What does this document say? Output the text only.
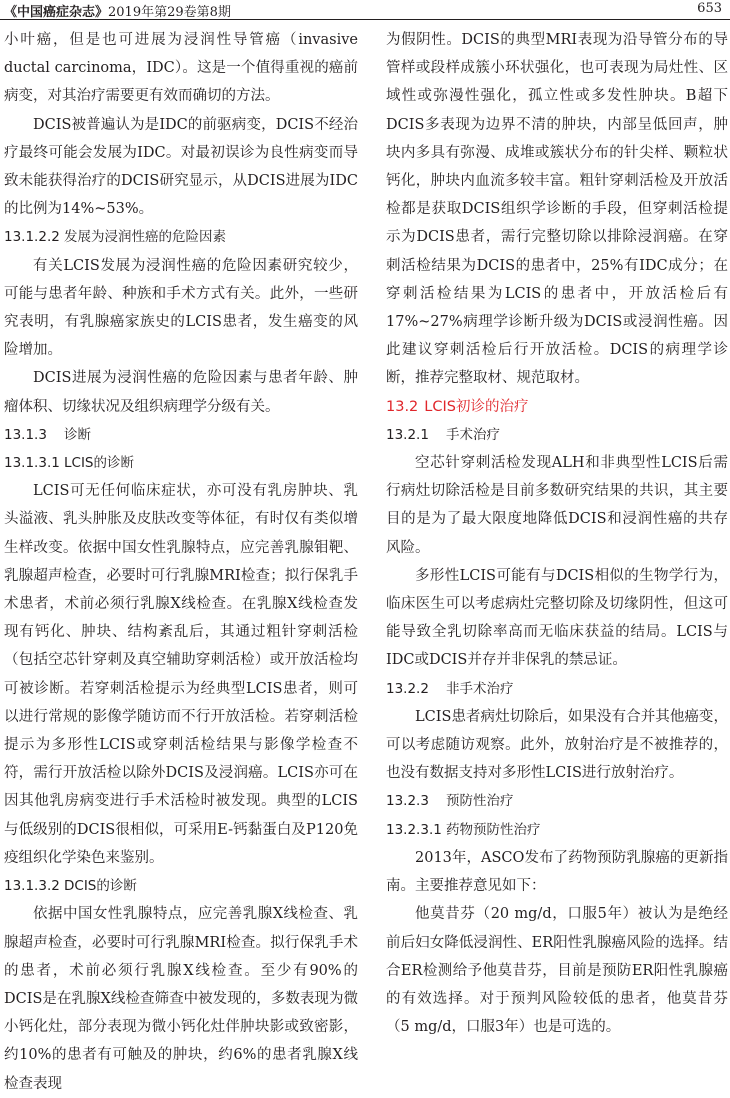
《中国癌症杂志》2019年第29卷第8期	653

小叶癌，但是也可进展为浸润性导管癌（invasive ductal carcinoma，IDC）。这是一个值得重视的癌前病变，对其治疗需要更有效而确切的方法。

DCIS被普遍认为是IDC的前驱病变，DCIS不经治疗最终可能会发展为IDC。对最初误诊为良性病变而导致未能获得治疗的DCIS研究显示，从DCIS进展为IDC的比例为14%~53%。

13.1.2.2 发展为浸润性癌的危险因素

有关LCIS发展为浸润性癌的危险因素研究较少，可能与患者年龄、种族和手术方式有关。此外，一些研究表明，有乳腺癌家族史的LCIS患者，发生癌变的风险增加。

DCIS进展为浸润性癌的危险因素与患者年龄、肿瘤体积、切缘状况及组织病理学分级有关。

13.1.3 诊断
13.1.3.1 LCIS的诊断

LCIS可无任何临床症状，亦可没有乳房肿块、乳头溢液、乳头肿胀及皮肤改变等体征，有时仅有类似增生样改变。依据中国女性乳腺特点，应完善乳腺钼靶、乳腺超声检查，必要时可行乳腺MRI检查；拟行保乳手术患者，术前必须行乳腺X线检查。在乳腺X线检查发现有钙化、肿块、结构紊乱后，其通过粗针穿刺活检（包括空芯针穿刺及真空辅助穿刺活检）或开放活检均可被诊断。若穿刺活检提示为经典型LCIS患者，则可以进行常规的影像学随访而不行开放活检。若穿刺活检提示为多形性LCIS或穿刺活检结果与影像学检查不符，需行开放活检以除外DCIS及浸润癌。LCIS亦可在因其他乳房病变进行手术活检时被发现。典型的LCIS与低级别的DCIS很相似，可采用E-钙黏蛋白及P120免疫组织化学染色来鉴别。

13.1.3.2 DCIS的诊断

依据中国女性乳腺特点，应完善乳腺X线检查、乳腺超声检查，必要时可行乳腺MRI检查。拟行保乳手术的患者，术前必须行乳腺X线检查。至少有90%的DCIS是在乳腺X线检查筛查中被发现的，多数表现为微小钙化灶，部分表现为微小钙化灶伴肿块影或致密影，约10%的患者有可触及的肿块，约6%的患者乳腺X线检查表现

为假阴性。DCIS的典型MRI表现为沿导管分布的导管样或段样成簇小环状强化，也可表现为局灶性、区域性或弥漫性强化，孤立性或多发性肿块。B超下DCIS多表现为边界不清的肿块，内部呈低回声，肿块内多具有弥漫、成堆或簇状分布的针尖样、颗粒状钙化，肿块内血流多较丰富。粗针穿刺活检及开放活检都是获取DCIS组织学诊断的手段，但穿刺活检提示为DCIS患者，需行完整切除以排除浸润癌。在穿刺活检结果为DCIS的患者中，25%有IDC成分；在穿刺活检结果为LCIS的患者中，开放活检后有17%~27%病理学诊断升级为DCIS或浸润性癌。因此建议穿刺活检后行开放活检。DCIS的病理学诊断，推荐完整取材、规范取材。

13.2 LCIS初诊的治疗
13.2.1 手术治疗

空芯针穿刺活检发现ALH和非典型性LCIS后需行病灶切除活检是目前多数研究结果的共识，其主要目的是为了最大限度地降低DCIS和浸润性癌的共存风险。

多形性LCIS可能有与DCIS相似的生物学行为，临床医生可以考虑病灶完整切除及切缘阴性，但这可能导致全乳切除率高而无临床获益的结局。LCIS与IDC或DCIS并存并非保乳的禁忌证。

13.2.2 非手术治疗

LCIS患者病灶切除后，如果没有合并其他癌变，可以考虑随访观察。此外，放射治疗是不被推荐的，也没有数据支持对多形性LCIS进行放射治疗。

13.2.3 预防性治疗
13.2.3.1 药物预防性治疗

2013年，ASCO发布了药物预防乳腺癌的更新指南。主要推荐意见如下：

他莫昔芬（20 mg/d，口服5年）被认为是绝经前后妇女降低浸润性、ER阳性乳腺癌风险的选择。结合ER检测给予他莫昔芬，目前是预防ER阳性乳腺癌的有效选择。对于预判风险较低的患者，他莫昔芬（5 mg/d，口服3年）也是可选的。
